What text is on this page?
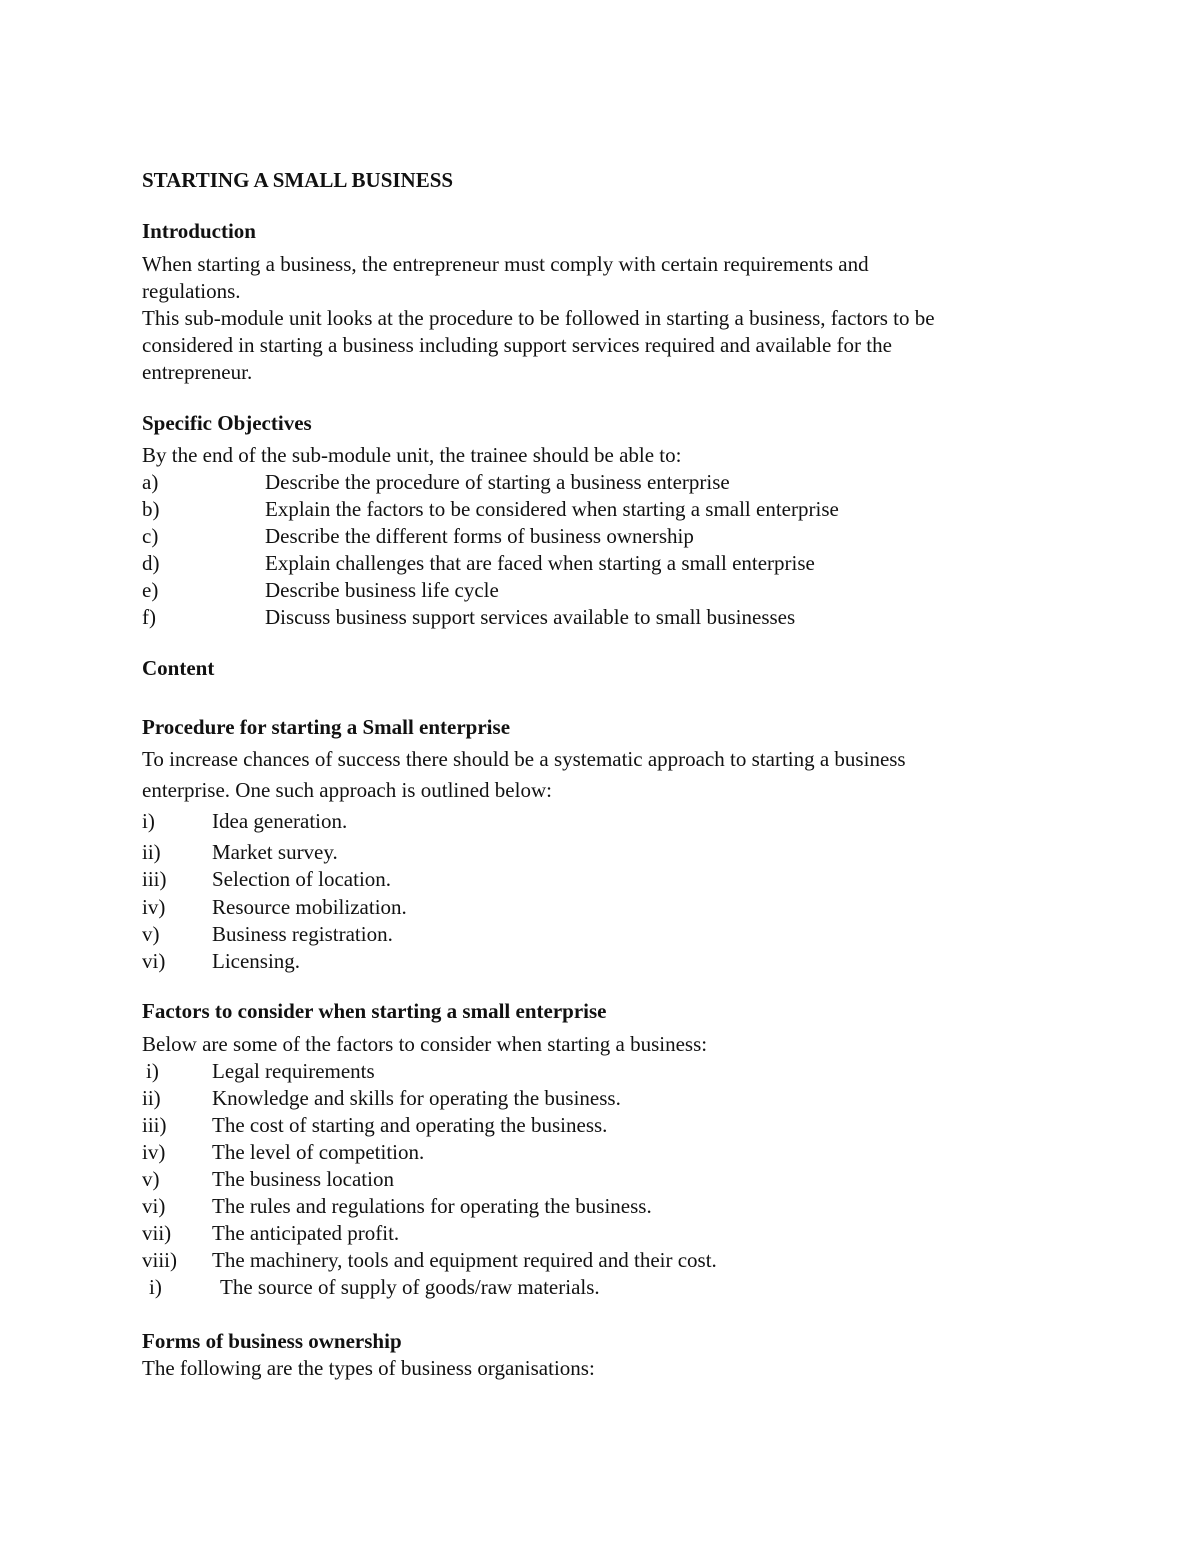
STARTING A SMALL BUSINESS
Introduction
When starting a business, the entrepreneur must comply with certain requirements and
regulations.
This sub-module unit looks at the procedure to be followed in starting a business, factors to be
considered in starting a business including support services required and available for the
entrepreneur.
Specific Objectives
By the end of the sub-module unit, the trainee should be able to:
a)	Describe the procedure of starting a business enterprise
b)	Explain the factors to be considered when starting a small enterprise
c)	Describe the different forms of business ownership
d)	Explain challenges that are faced when starting a small enterprise
e)	Describe business life cycle
f)	Discuss business support services available to small businesses
Content
Procedure for starting a Small enterprise
To increase chances of success there should be a systematic approach to starting a business
enterprise. One such approach is outlined below:
i)	Idea generation.
ii) Market survey.
iii) Selection of location.
iv) Resource mobilization.
v)	Business registration.
vi) Licensing.
Factors to consider when starting a small enterprise
Below are some of the factors to consider when starting a business:
i)	Legal requirements
ii) Knowledge and skills for operating the business.
iii) The cost of starting and operating the business.
iv) The level of competition.
v)	The business location
vi) The rules and regulations for operating the business.
vii) The anticipated profit.
viii) The machinery, tools and equipment required and their cost.
i)	The source of supply of goods/raw materials.
Forms of business ownership
The following are the types of business organisations:
